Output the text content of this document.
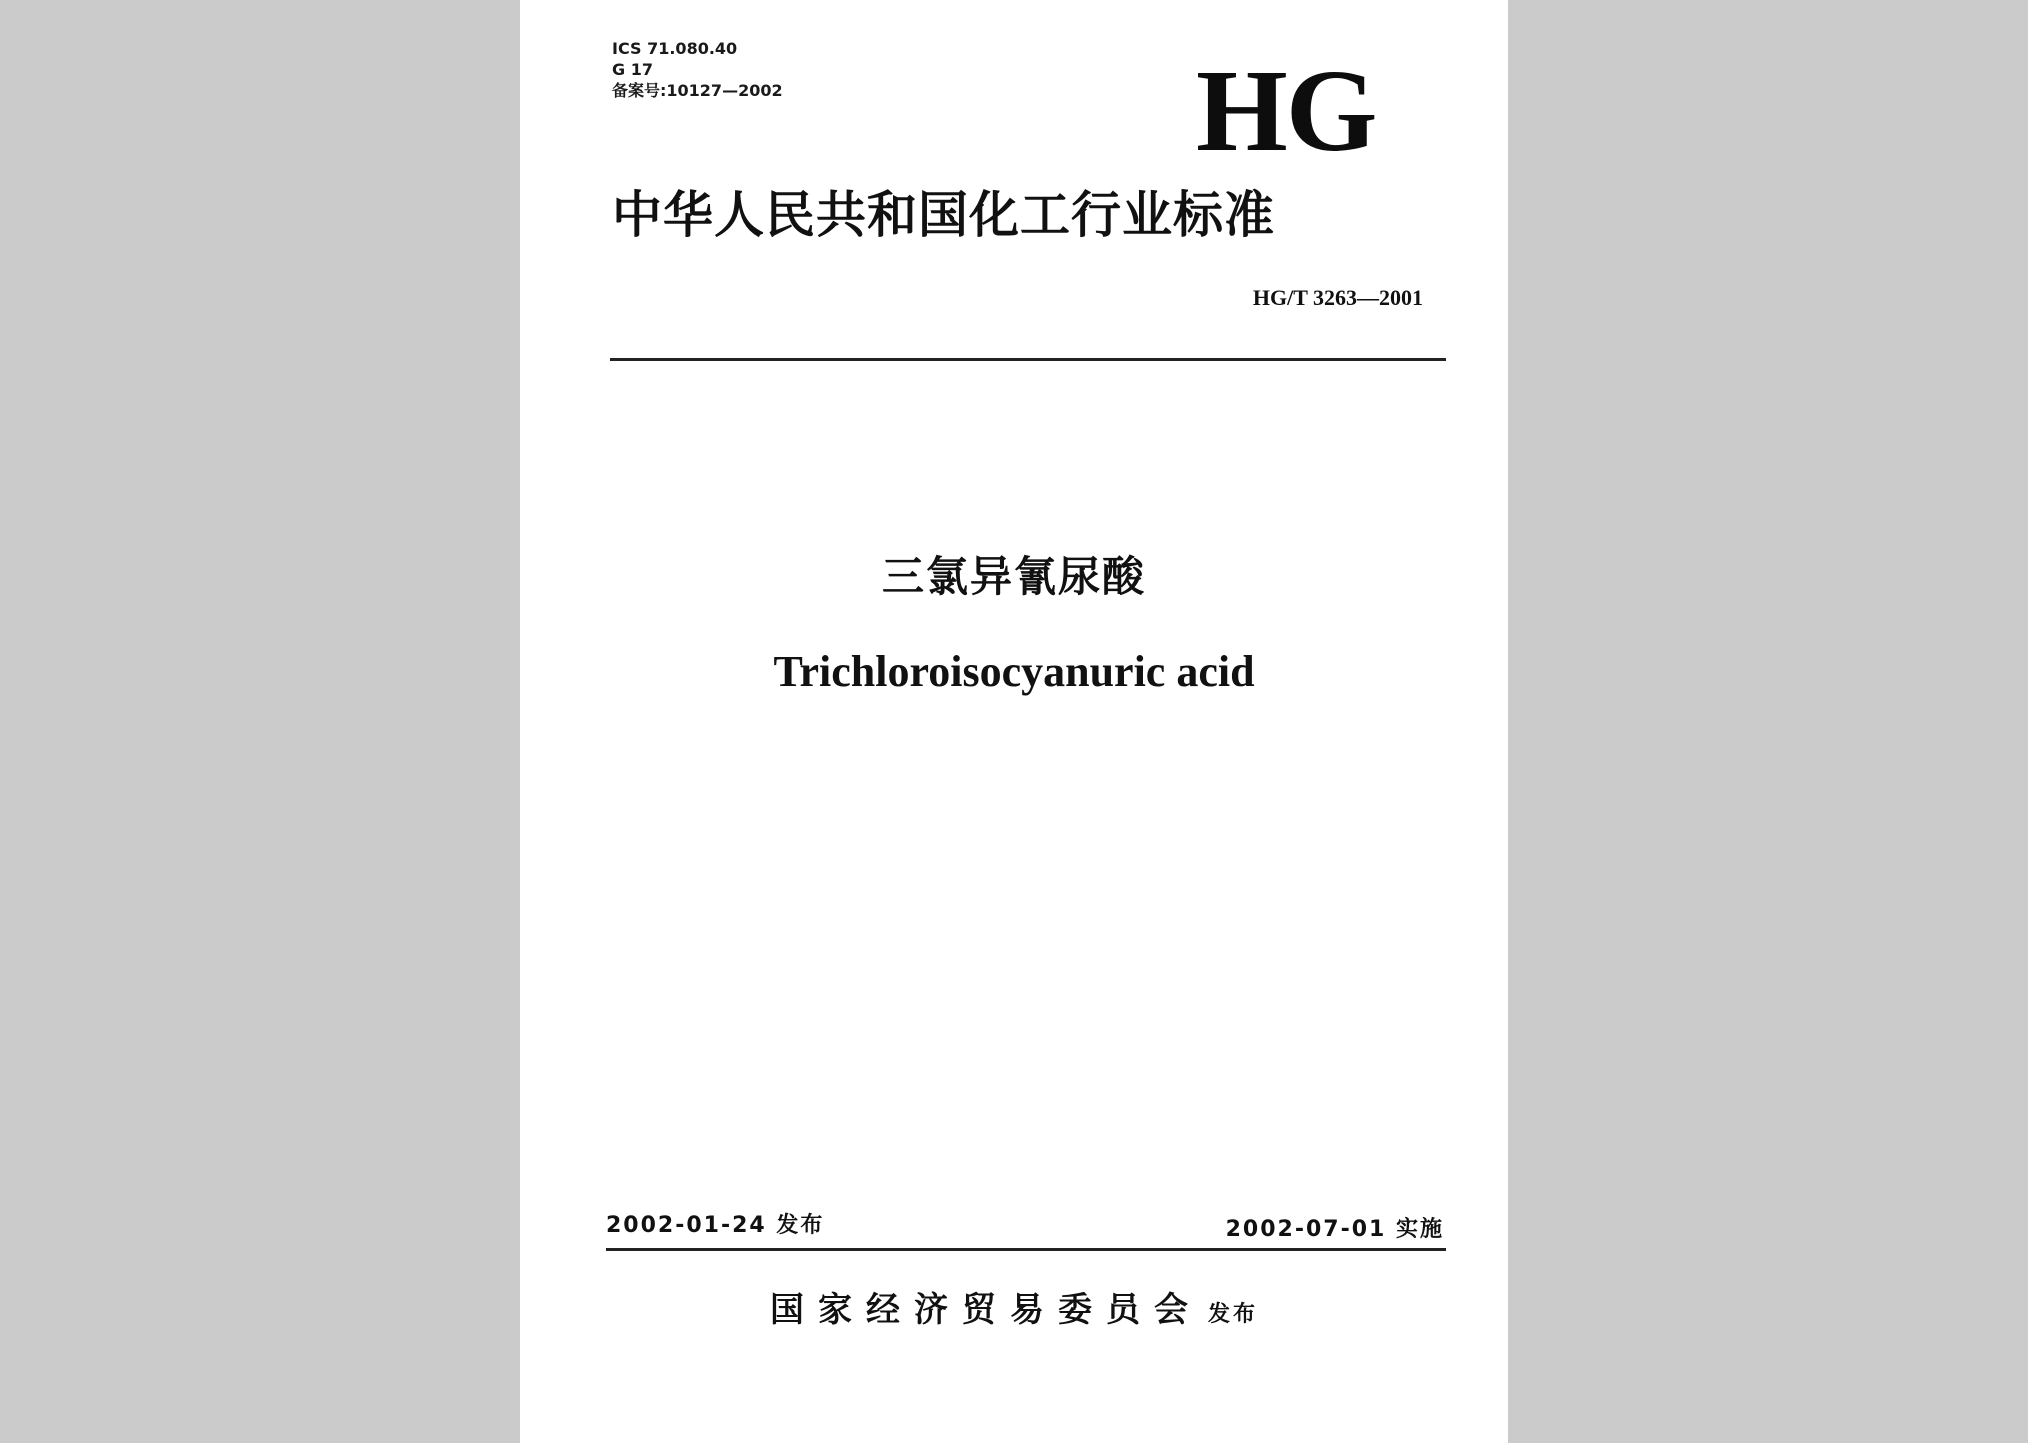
ICS 71.080.40
G 17
备案号:10127—2002	HG
中华人民共和国化工行业标准
HG/T 3263—2001
三氯异氰尿酸
Trichloroisocyanuric acid
2002-01-24 发布	2002-07-01 实施
国家经济贸易委员会 发布
